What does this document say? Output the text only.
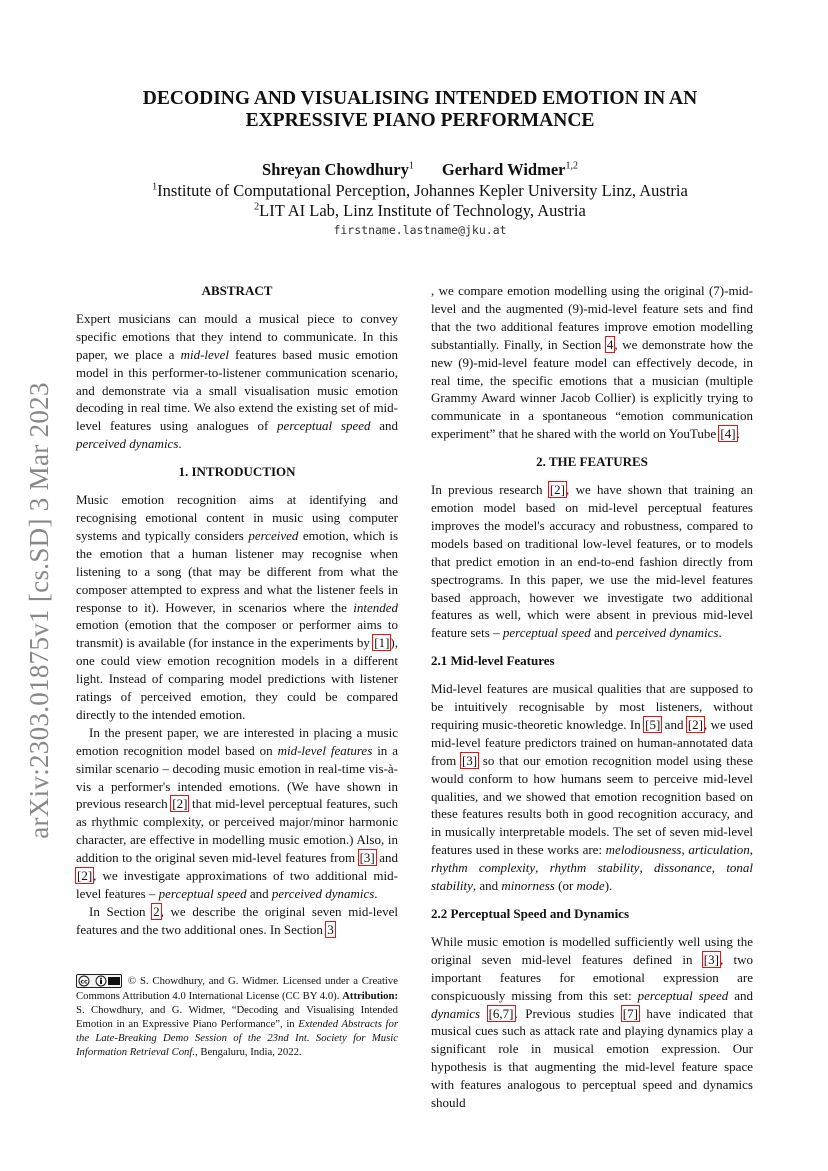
arXiv:2303.01875v1 [cs.SD] 3 Mar 2023
DECODING AND VISUALISING INTENDED EMOTION IN AN
EXPRESSIVE PIANO PERFORMANCE
Shreyan Chowdhury$^1$ Gerhard Widmer$^{1,2}$
$^1$Institute of Computational Perception, Johannes Kepler University Linz, Austria
$^2$LIT AI Lab, Linz Institute of Technology, Austria
firstname.lastname@jku.at
ABSTRACT

Expert musicians can mould a musical piece to convey specific emotions that they intend to communicate. In this paper, we place a mid-level features based music emotion model in this performer-to-listener communication scenario, and demonstrate via a small visualisation music emotion decoding in real time. We also extend the existing set of mid-level features using analogues of perceptual speed and perceived dynamics.

1. INTRODUCTION

Music emotion recognition aims at identifying and recognising emotional content in music using computer systems and typically considers perceived emotion, which is the emotion that a human listener may recognise when listening to a song (that may be different from what the composer attempted to express and what the listener feels in response to it). However, in scenarios where the intended emotion (emotion that the composer or performer aims to transmit) is available (for instance in the experiments by [1]), one could view emotion recognition models in a different light. Instead of comparing model predictions with listener ratings of perceived emotion, they could be compared directly to the intended emotion.

In the present paper, we are interested in placing a music emotion recognition model based on mid-level features in a similar scenario – decoding music emotion in real-time vis-à-vis a performer's intended emotions. (We have shown in previous research [2] that mid-level perceptual features, such as rhythmic complexity, or perceived major/minor harmonic character, are effective in modelling music emotion.) Also, in addition to the original seven mid-level features from [3] and [2], we investigate approximations of two additional mid-level features – perceptual speed and perceived dynamics.

In Section 2, we describe the original seven mid-level features and the two additional ones. In Section 3

cc	© S. Chowdhury, and G. Widmer. Licensed under a Creative Commons Attribution 4.0 International License (CC BY 4.0). Attribution: S. Chowdhury, and G. Widmer, “Decoding and Visualising Intended Emotion in an Expressive Piano Performance”, in Extended Abstracts for the Late-Breaking Demo Session of the 23nd Int. Society for Music Information Retrieval Conf., Bengaluru, India, 2022.

, we compare emotion modelling using the original (7)-mid-level and the augmented (9)-mid-level feature sets and find that the two additional features improve emotion modelling substantially. Finally, in Section 4, we demonstrate how the new (9)-mid-level feature model can effectively decode, in real time, the specific emotions that a musician (multiple Grammy Award winner Jacob Collier) is explicitly trying to communicate in a spontaneous “emotion communication experiment” that he shared with the world on YouTube [4].

2. THE FEATURES

In previous research [2], we have shown that training an emotion model based on mid-level perceptual features improves the model's accuracy and robustness, compared to models based on traditional low-level features, or to models that predict emotion in an end-to-end fashion directly from spectrograms. In this paper, we use the mid-level features based approach, however we investigate two additional features as well, which were absent in previous mid-level feature sets – perceptual speed and perceived dynamics.

2.1 Mid-level Features

Mid-level features are musical qualities that are supposed to be intuitively recognisable by most listeners, without requiring music-theoretic knowledge. In [5] and [2], we used mid-level feature predictors trained on human-annotated data from [3] so that our emotion recognition model using these would conform to how humans seem to perceive mid-level qualities, and we showed that emotion recognition based on these features results both in good recognition accuracy, and in musically interpretable models. The set of seven mid-level features used in these works are: melodiousness, articulation, rhythm complexity, rhythm stability, dissonance, tonal stability, and minorness (or mode).

2.2 Perceptual Speed and Dynamics

While music emotion is modelled sufficiently well using the original seven mid-level features defined in [3], two important features for emotional expression are conspicuously missing from this set: perceptual speed and dynamics [6,7]. Previous studies [7] have indicated that musical cues such as attack rate and playing dynamics play a significant role in musical emotion expression. Our hypothesis is that augmenting the mid-level feature space with features analogous to perceptual speed and dynamics should
